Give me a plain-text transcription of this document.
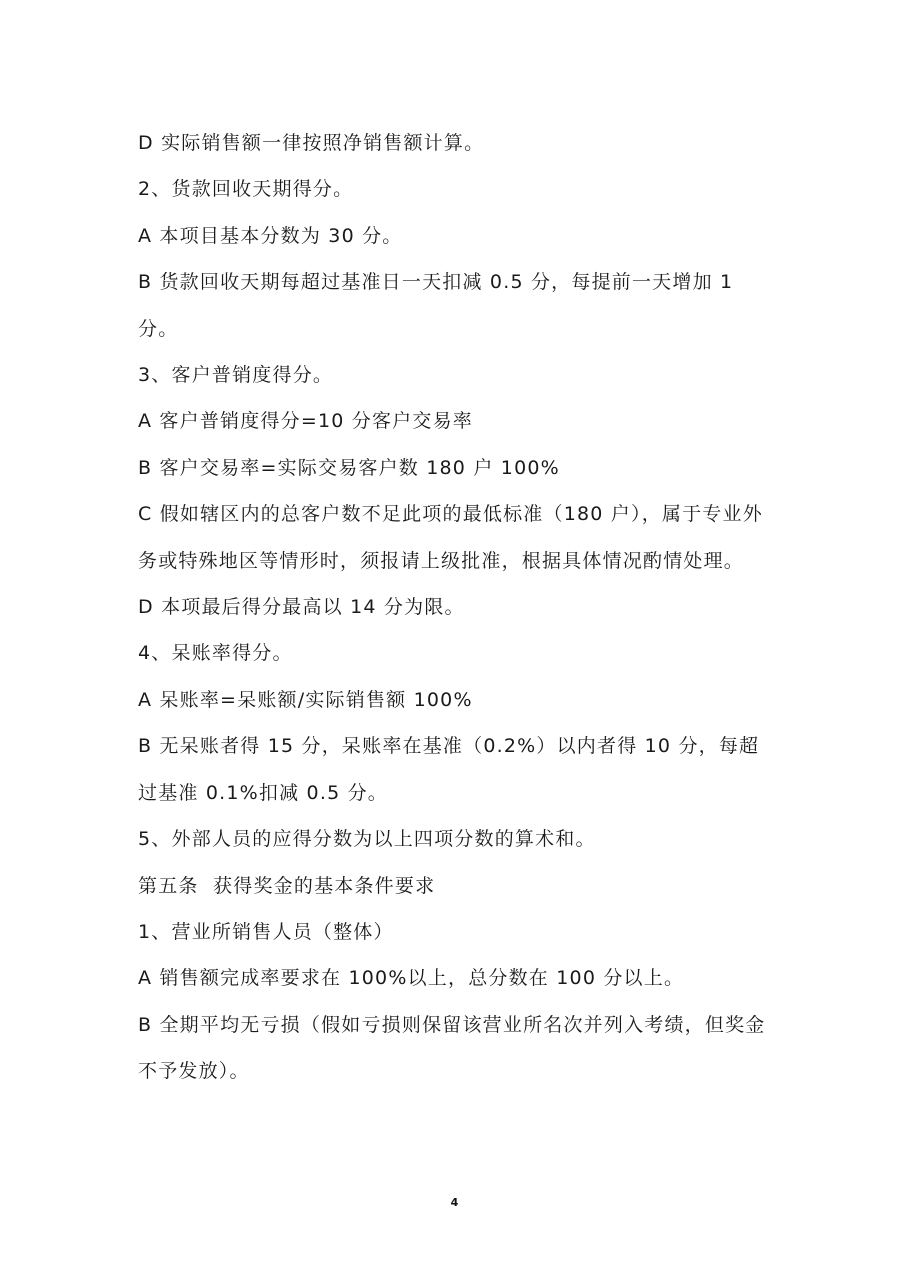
D 实际销售额一律按照净销售额计算。

2、货款回收天期得分。

A 本项目基本分数为 30 分。

B 货款回收天期每超过基准日一天扣减 0.5 分，每提前一天增加 1 分。

3、客户普销度得分。

A 客户普销度得分=10 分客户交易率

B 客户交易率=实际交易客户数 180 户 100%

C 假如辖区内的总客户数不足此项的最低标准（180 户），属于专业外务或特殊地区等情形时，须报请上级批准，根据具体情况酌情处理。

D 本项最后得分最高以 14 分为限。

4、呆账率得分。

A 呆账率=呆账额/实际销售额 100%

B 无呆账者得 15 分，呆账率在基准（0.2%）以内者得 10 分，每超过基准 0.1%扣减 0.5 分。

5、外部人员的应得分数为以上四项分数的算术和。

第五条  获得奖金的基本条件要求

1、营业所销售人员（整体）

A 销售额完成率要求在 100%以上，总分数在 100 分以上。

B 全期平均无亏损（假如亏损则保留该营业所名次并列入考绩，但奖金不予发放）。

4
